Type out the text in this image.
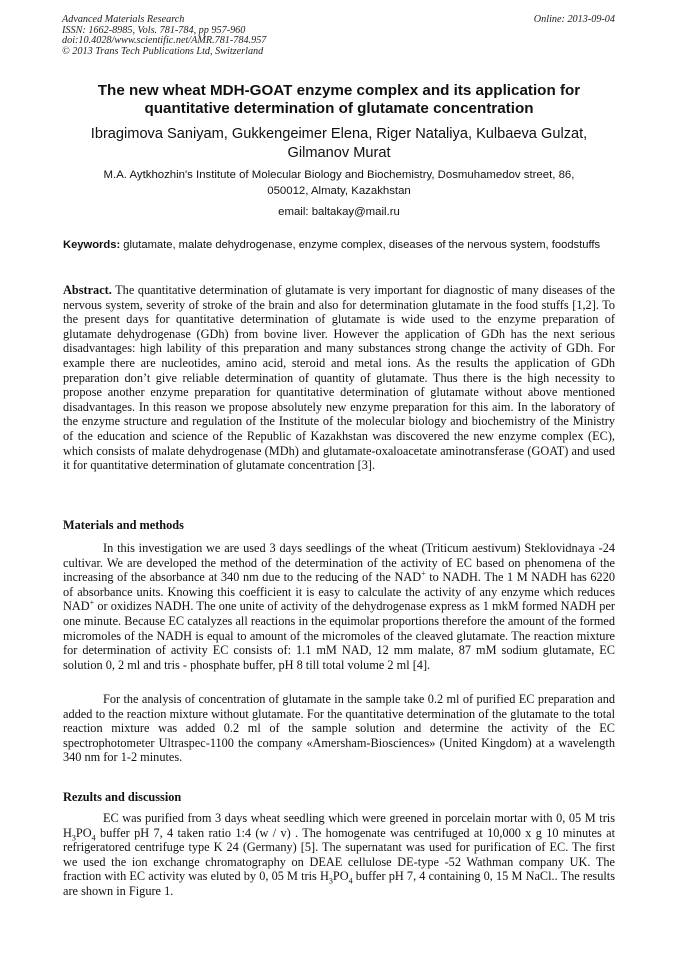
Advanced Materials Research
ISSN: 1662-8985, Vols. 781-784, pp 957-960
doi:10.4028/www.scientific.net/AMR.781-784.957
© 2013 Trans Tech Publications Ltd, Switzerland
Online: 2013-09-04
The new wheat MDH-GOAT enzyme complex and its application for
quantitative determination of glutamate concentration
Ibragimova Saniyam, Gukkengeimer Elena, Riger Nataliya, Kulbaeva Gulzat,
Gilmanov Murat
M.A. Aytkhozhin's Institute of Molecular Biology and Biochemistry, Dosmuhamedov street, 86,
050012, Almaty, Kazakhstan
email: baltakay@mail.ru
Keywords: glutamate, malate dehydrogenase, enzyme complex, diseases of the nervous system, foodstuffs
Abstract. The quantitative determination of glutamate is very important for diagnostic of many diseases of the nervous system, severity of stroke of the brain and also for determination glutamate in the food stuffs [1,2]. To the present days for quantitative determination of glutamate is wide used to the enzyme preparation of glutamate dehydrogenase (GDh) from bovine liver. However the application of GDh has the next serious disadvantages: high lability of this preparation and many substances strong change the activity of GDh. For example there are nucleotides, amino acid, steroid and metal ions. As the results the application of GDh preparation don’t give reliable determination of quantity of glutamate. Thus there is the high necessity to propose another enzyme preparation for quantitative determination of glutamate without above mentioned disadvantages. In this reason we propose absolutely new enzyme preparation for this aim. In the laboratory of the enzyme structure and regulation of the Institute of the molecular biology and biochemistry of the Ministry of the education and science of the Republic of Kazakhstan was discovered the new enzyme complex (EC), which consists of malate dehydrogenase (MDh) and glutamate-oxaloacetate aminotransferase (GOAT) and used it for quantitative determination of glutamate concentration [3].
Materials and methods
In this investigation we are used 3 days seedlings of the wheat (Triticum aestivum) Steklovidnaya -24 cultivar. We are developed the method of the determination of the activity of EC based on phenomena of the increasing of the absorbance at 340 nm due to the reducing of the NAD+ to NADH. The 1 M NADH has 6220 of absorbance units. Knowing this coefficient it is easy to calculate the activity of any enzyme which reduces NAD+ or oxidizes NADH. The one unite of activity of the dehydrogenase express as 1 mkM formed NADH per one minute. Because EC catalyzes all reactions in the equimolar proportions therefore the amount of the formed micromoles of the NADH is equal to amount of the micromoles of the cleaved glutamate. The reaction mixture for determination of activity EC consists of: 1.1 mM NAD, 12 mm malate, 87 mM sodium glutamate, EC solution 0, 2 ml and tris - phosphate buffer, pH 8 till total volume 2 ml [4].
For the analysis of concentration of glutamate in the sample take 0.2 ml of purified EC preparation and added to the reaction mixture without glutamate. For the quantitative determination of the glutamate to the total reaction mixture was added 0.2 ml of the sample solution and determine the activity of the EC spectrophotometer Ultraspec-1100 the company «Amersham-Biosciences» (United Kingdom) at a wavelength 340 nm for 1-2 minutes.
Rezults and discussion
EC was purified from 3 days wheat seedling which were greened in porcelain mortar with 0, 05 M tris $H_3PO_4$ buffer pH 7, 4 taken ratio 1:4 (w / v) . The homogenate was centrifuged at 10,000 x g 10 minutes at refrigeratored centrifuge type K 24 (Germany) [5]. The supernatant was used for purification of EC. The first we used the ion exchange chromatography on DEAE cellulose DE-type -52 Wathman company UK. The fraction with EC activity was eluted by 0, 05 M tris $H_3PO_4$ buffer pH 7, 4 containing 0, 15 M NaCl.. The results are shown in Figure 1.
